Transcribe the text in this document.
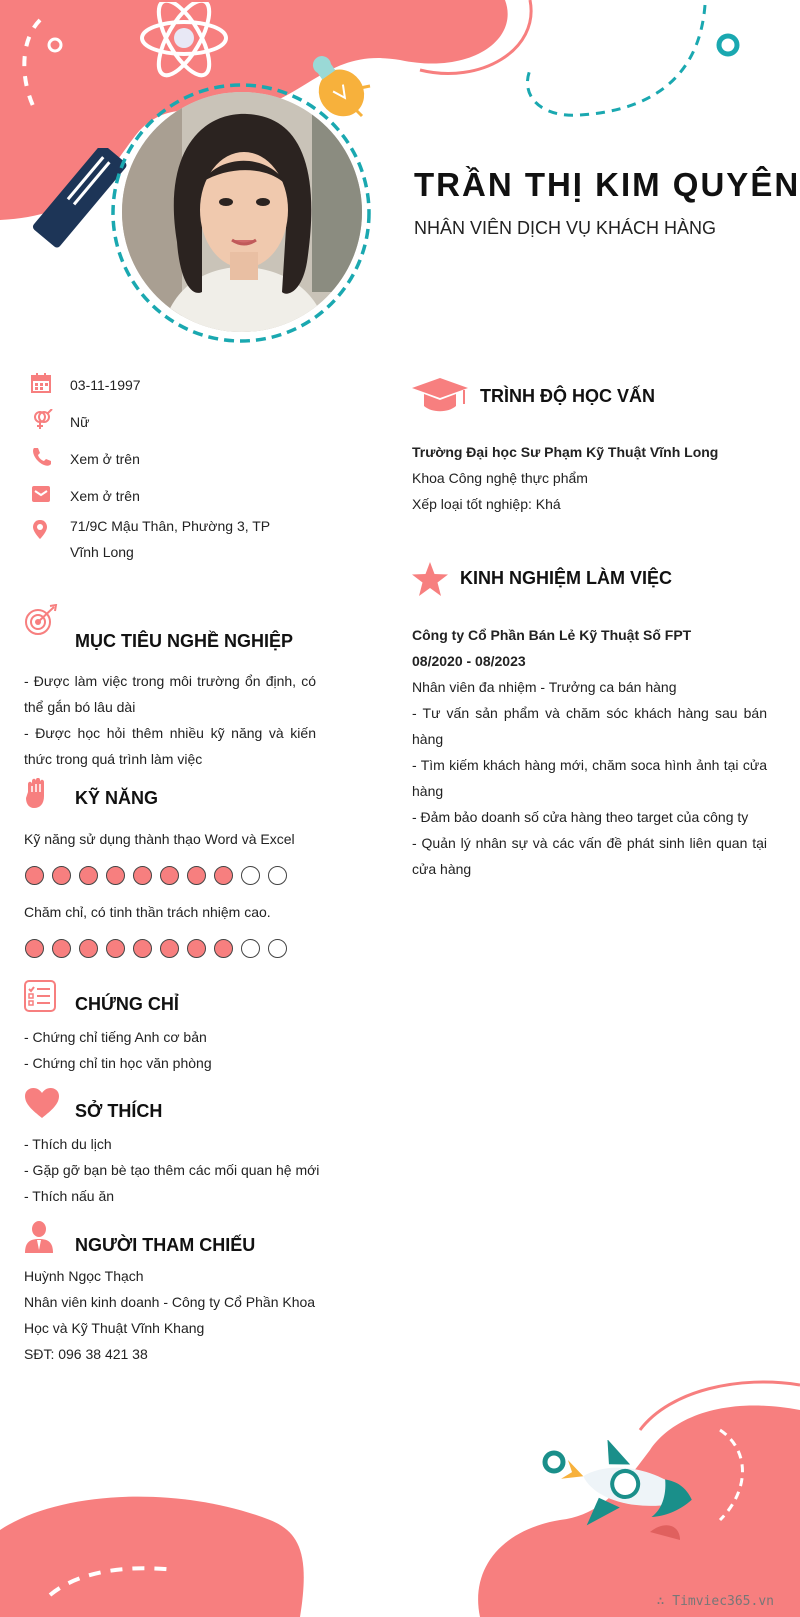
TRẦN THỊ KIM QUYÊN
NHÂN VIÊN DỊCH VỤ KHÁCH HÀNG
03-11-1997
Nữ
Xem ở trên
Xem ở trên
71/9C Mậu Thân, Phường 3, TP Vĩnh Long
MỤC TIÊU NGHỀ NGHIỆP

- Được làm việc trong môi trường ổn định, có thể gắn bó lâu dài

- Được học hỏi thêm nhiều kỹ năng và kiến thức trong quá trình làm việc

KỸ NĂNG
Kỹ năng sử dụng thành thạo Word và Excel
Chăm chỉ, có tinh thần trách nhiệm cao.
CHỨNG CHỈ

- Chứng chỉ tiếng Anh cơ bản

- Chứng chỉ tin học văn phòng

SỞ THÍCH

- Thích du lịch

- Gặp gỡ bạn bè tạo thêm các mối quan hệ mới

- Thích nấu ăn

NGƯỜI THAM CHIẾU

Huỳnh Ngọc Thạch

Nhân viên kinh doanh - Công ty Cổ Phần Khoa Học và Kỹ Thuật Vĩnh Khang

SĐT: 096 38 421 38

TRÌNH ĐỘ HỌC VẤN

Trường Đại học Sư Phạm Kỹ Thuật Vĩnh Long

Khoa Công nghệ thực phẩm

Xếp loại tốt nghiệp: Khá

KINH NGHIỆM LÀM VIỆC

Công ty Cổ Phần Bán Lẻ Kỹ Thuật Số FPT

08/2020 - 08/2023

Nhân viên đa nhiệm - Trưởng ca bán hàng

- Tư vấn sản phẩm và chăm sóc khách hàng sau bán hàng

- Tìm kiếm khách hàng mới, chăm soca hình ảnh tại cửa hàng

- Đảm bảo doanh số cửa hàng theo target của công ty

- Quản lý nhân sự và các vấn đề phát sinh liên quan tại cửa hàng

∴ Timviec365.vn
